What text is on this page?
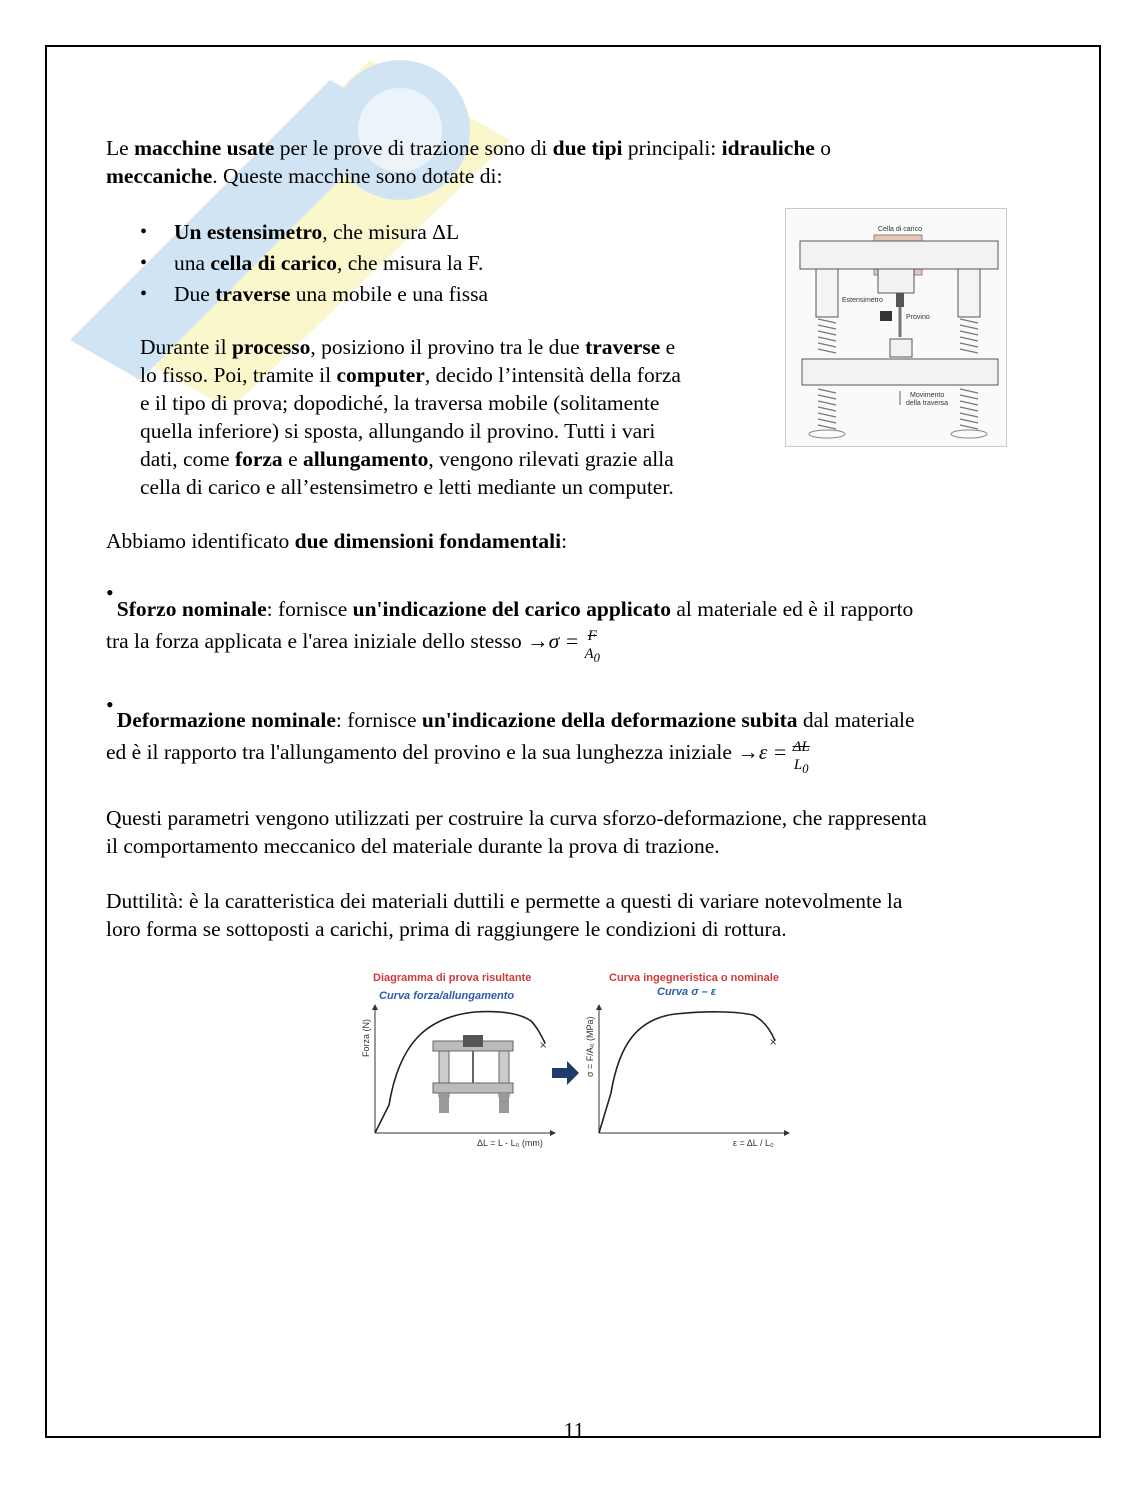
Le macchine usate per le prove di trazione sono di due tipi principali: idrauliche o
meccaniche. Queste macchine sono dotate di:

• Un estensimetro, che misura ΔL
• una cella di carico, che misura la F.
• Due traverse una mobile e una fissa

Durante il processo, posiziono il provino tra le due traverse e
lo fisso. Poi, tramite il computer, decido l’intensità della forza
e il tipo di prova; dopodiché, la traversa mobile (solitamente
quella inferiore) si sposta, allungando il provino. Tutti i vari
dati, come forza e allungamento, vengono rilevati grazie alla
cella di carico e all’estensimetro e letti mediante un computer.

Cella di carico
Estensimetro
Provino
Movimento
della traversa

Abbiamo identificato due dimensioni fondamentali:

•

Sforzo nominale: fornisce un'indicazione del carico applicato al materiale ed è il rapporto
tra la forza applicata e l'area iniziale dello stesso →σ = F
$A_0$

•

Deformazione nominale: fornisce un'indicazione della deformazione subita dal materiale
ed è il rapporto tra l'allungamento del provino e la sua lunghezza iniziale →ε = ΔL
$L_0$

Questi parametri vengono utilizzati per costruire la curva sforzo-deformazione, che rappresenta
il comportamento meccanico del materiale durante la prova di trazione.

Duttilità: è la caratteristica dei materiali duttili e permette a questi di variare notevolmente la
loro forma se sottoposti a carichi, prima di raggiungere le condizioni di rottura.

Diagramma di prova risultante
Curva forza/allungamento
Forza (N)
ΔL = L - L₀ (mm)
×
Curva ingegneristica o nominale
Curva σ – ε
σ = F/A₀ (MPa)
ε = ΔL / L₀
×
11
